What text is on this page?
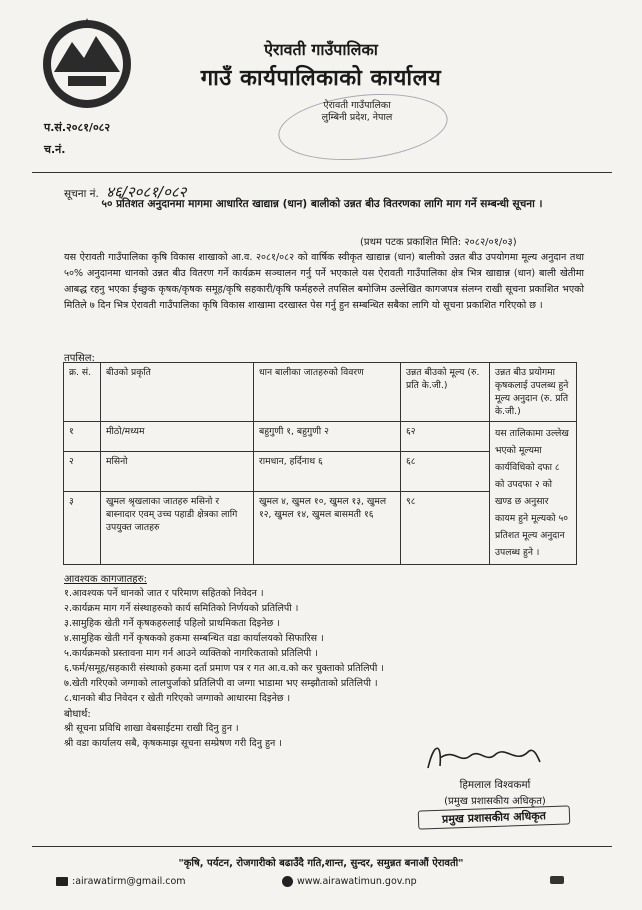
प.सं.२०८१/०८२
च.नं.
ऐरावती गाउँपालिका
गाउँ कार्यपालिकाको कार्यालय
ऐरावती गाउँपालिका
लुम्बिनी प्रदेश, नेपाल
सूचना नं. ४६/२०८१/०८२
५० प्रतिशत अनुदानमा मागमा आधारित खाद्यान्न (धान) बालीको उन्नत बीउ वितरणका लागि माग गर्ने सम्बन्धी सूचना ।
(प्रथम पटक प्रकाशित मिति: २०८२/०१/०३)
यस ऐरावती गाउँपालिका कृषि विकास शाखाको आ.व. २०८१/०८२ को वार्षिक स्वीकृत खाद्यान्न (धान) बालीको उन्नत बीउ उपयोगमा मूल्य अनुदान तथा ५०% अनुदानमा धानको उन्नत बीउ वितरण गर्ने कार्यक्रम सञ्चालन गर्नु पर्ने भएकाले यस ऐरावती गाउँपालिका क्षेत्र भित्र खाद्यान्न (धान) बाली खेतीमा आबद्ध रहनु भएका ईच्छुक कृषक/कृषक समूह/कृषि सहकारी/कृषि फर्महरुले तपसिल बमोजिम उल्लेखित कागजपत्र संलग्न राखी सूचना प्रकाशित भएको मितिले ७ दिन भित्र ऐरावती गाउँपालिका कृषि विकास शाखामा दरखास्त पेस गर्नु हुन सम्बन्धित सबैका लागि यो सूचना प्रकाशित गरिएको छ ।
तपसिल:
क्र. सं.	बीउको प्रकृति	धान बालीका जातहरुको विवरण	उन्नत बीउको मूल्य (रु. प्रति के.जी.)	उन्नत बीउ प्रयोगमा कृषकलाई उपलब्ध हुने मूल्य अनुदान (रु. प्रति के.जी.)
१	मीठो/मध्यम	बहुगुणी १, बहुगुणी २	६२	यस तालिकामा उल्लेख भएको मूल्यमा कार्यविधिको दफा ८ को उपदफा २ को खण्ड छ अनुसार कायम हुने मूल्यको ५० प्रतिशत मूल्य अनुदान उपलब्ध हुने ।
२	मसिनो	रामधान, हर्दिनाथ ६	६८	
३	खुमल श्रृखलाका जातहरु मसिनो र बास्नादार एवम् उच्च पहाडी क्षेत्रका लागि उपयुक्त जातहरु	खुमल ४, खुमल १०, खुमल १३, खुमल १२, खुमल १४, खुमल बासमती १६	९८	
आवश्यक कागजातहरु:
१.आवश्यक पर्ने धानको जात र परिमाण सहितको निवेदन ।
२.कार्यक्रम माग गर्ने संस्थाहरुको कार्य समितिको निर्णयको प्रतिलिपी ।
३.सामुहिक खेती गर्ने कृषकहरुलाई पहिलो प्राथमिकता दिइनेछ ।
४.सामुहिक खेती गर्ने कृषकको हकमा सम्बन्धित वडा कार्यालयको सिफारिस ।
५.कार्यक्रमको प्रस्तावना माग गर्न आउने व्यक्तिको नागरिकताको प्रतिलिपी ।
६.फर्म/समूह/सहकारी संस्थाको हकमा दर्ता प्रमाण पत्र र गत आ.व.को कर चुक्ताको प्रतिलिपी ।
७.खेती गरिएको जग्गाको लालपुर्जाको प्रतिलिपी वा जग्गा भाडामा भए सम्झौताको प्रतिलिपी ।
८.धानको बीउ निवेदन र खेती गरिएको जग्गाको आधारमा दिइनेछ ।
बोधार्थ:
श्री सूचना प्रविधि शाखा वेबसाईटमा राखी दिनु हुन ।
श्री वडा कार्यालय सबै, कृषकमाझ सूचना सम्प्रेषण गरी दिनु हुन ।
हिमलाल विश्वकर्मा
(प्रमुख प्रशासकीय अधिकृत)
प्रमुख प्रशासकीय अधिकृत
"कृषि, पर्यटन, रोजगारीको बढाउँदै गति,शान्त, सुन्दर, समुन्नत बनाऔं ऐरावती"
:airawatirm@gmail.com	www.airawatimun.gov.np
